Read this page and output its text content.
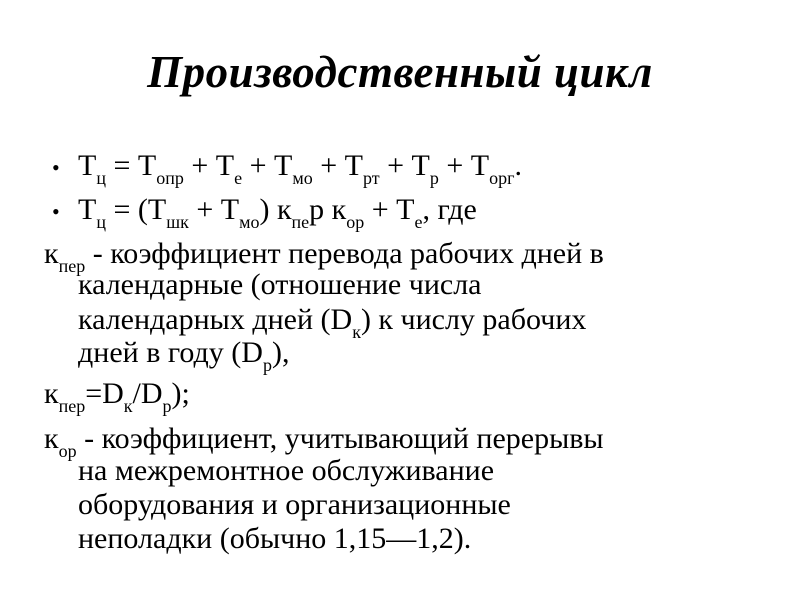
Производственный цикл
• $Т_ц = Т_{опр} + Т_е + Т_{мо} + Т_{рт} + Т_р + Т_{орг}$.
• $Т_ц = (Т_{шк} + Т_{мо})$ $к_{пе}р$ $к_{ор} + Т_е$, где
$к_{пер}$ - коэффициент перевода рабочих дней в
календарные (отношение числа
календарных дней $(D_к)$ к числу рабочих
дней в году $(D_р)$,
$к_{пер}=D_к/D_р$);
$к_{ор}$ - коэффициент, учитывающий перерывы
на межремонтное обслуживание
оборудования и организационные
неполадки (обычно 1,15—1,2).
